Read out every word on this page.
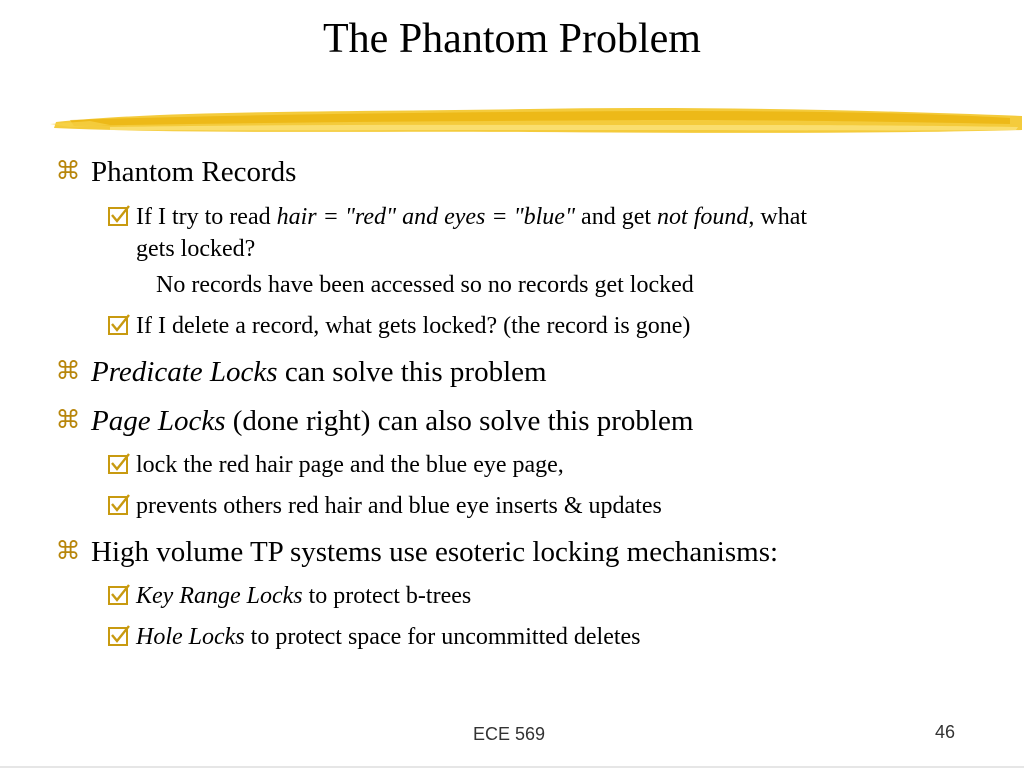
The Phantom Problem
⌘ Phantom Records
If I try to read hair = "red" and eyes = "blue" and get not found, what
gets locked?
No records have been accessed so no records get locked
If I delete a record, what gets locked? (the record is gone)
⌘ Predicate Locks can solve this problem
⌘ Page Locks (done right) can also solve this problem
lock the red hair page and the blue eye page,
prevents others red hair and blue eye inserts & updates
⌘ High volume TP systems use esoteric locking mechanisms:
Key Range Locks to protect b-trees
Hole Locks to protect space for uncommitted deletes
ECE 569	46
